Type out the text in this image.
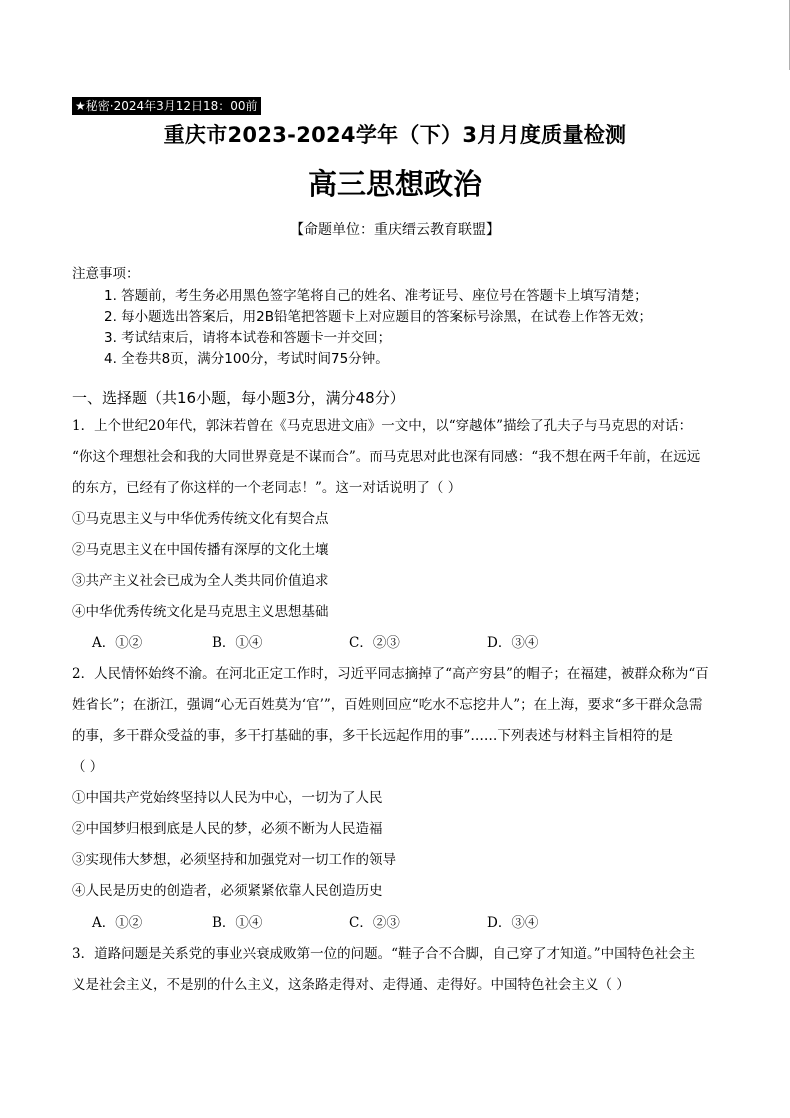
★秘密·2024年3月12日18：00前
重庆市2023-2024学年（下）3月月度质量检测
高三思想政治
【命题单位：重庆缙云教育联盟】
注意事项：
1. 答题前，考生务必用黑色签字笔将自己的姓名、准考证号、座位号在答题卡上填写清楚；
2. 每小题选出答案后，用2B铅笔把答题卡上对应题目的答案标号涂黑，在试卷上作答无效；
3. 考试结束后，请将本试卷和答题卡一并交回；
4. 全卷共8页，满分100分，考试时间75分钟。
一、选择题（共16小题，每小题3分，满分48分）
1．上个世纪20年代，郭沫若曾在《马克思进文庙》一文中，以“穿越体”描绘了孔夫子与马克思的对话：
“你这个理想社会和我的大同世界竟是不谋而合”。而马克思对此也深有同感：“我不想在两千年前，在远远
的东方，已经有了你这样的一个老同志！”。这一对话说明了（ ）
①马克思主义与中华优秀传统文化有契合点
②马克思主义在中国传播有深厚的文化土壤
③共产主义社会已成为全人类共同价值追求
④中华优秀传统文化是马克思主义思想基础
A．①②	B．①④	C．②③	D．③④
2．人民情怀始终不渝。在河北正定工作时，习近平同志摘掉了“高产穷县”的帽子；在福建，被群众称为“百
姓省长”；在浙江，强调“心无百姓莫为‘官’”，百姓则回应“吃水不忘挖井人”；在上海，要求“多干群众急需
的事，多干群众受益的事，多干打基础的事，多干长远起作用的事”……下列表述与材料主旨相符的是
（ ）
①中国共产党始终坚持以人民为中心，一切为了人民
②中国梦归根到底是人民的梦，必须不断为人民造福
③实现伟大梦想，必须坚持和加强党对一切工作的领导
④人民是历史的创造者，必须紧紧依靠人民创造历史
A．①②	B．①④	C．②③	D．③④
3．道路问题是关系党的事业兴衰成败第一位的问题。“鞋子合不合脚，自己穿了才知道。”中国特色社会主
义是社会主义，不是别的什么主义，这条路走得对、走得通、走得好。中国特色社会主义（ ）
